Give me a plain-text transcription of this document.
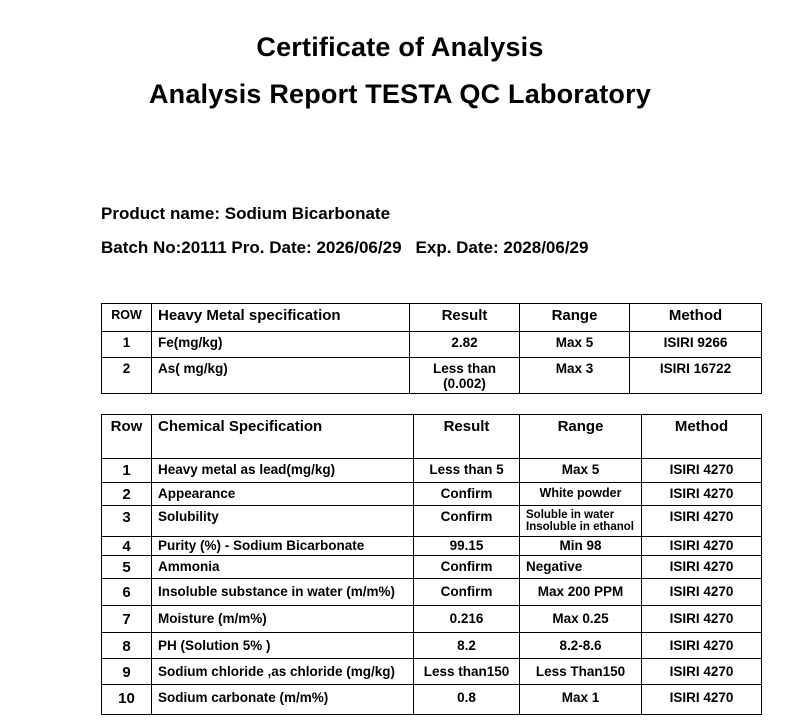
Certificate of Analysis
Analysis Report TESTA QC Laboratory
Product name: Sodium Bicarbonate
Batch No:20111 Pro. Date: 2026/06/29 Exp. Date: 2028/06/29
ROW	Heavy Metal specification	Result	Range	Method
1	Fe(mg/kg)	2.82	Max 5	ISIRI 9266
2	As( mg/kg)	Less than (0.002)	Max 3	ISIRI 16722
Row	Chemical Specification	Result	Range	Method
1	Heavy metal as lead(mg/kg)	Less than 5	Max 5	ISIRI 4270
2	Appearance	Confirm	White powder	ISIRI 4270
3	Solubility	Confirm	Soluble in water Insoluble in ethanol	ISIRI 4270
4	Purity (%) - Sodium Bicarbonate	99.15	Min 98	ISIRI 4270
5	Ammonia	Confirm	Negative	ISIRI 4270
6	Insoluble substance in water (m/m%)	Confirm	Max 200 PPM	ISIRI 4270
7	Moisture (m/m%)	0.216	Max 0.25	ISIRI 4270
8	PH (Solution 5% )	8.2	8.2-8.6	ISIRI 4270
9	Sodium chloride ,as chloride (mg/kg)	Less than150	Less Than150	ISIRI 4270
10	Sodium carbonate (m/m%)	0.8	Max 1	ISIRI 4270
